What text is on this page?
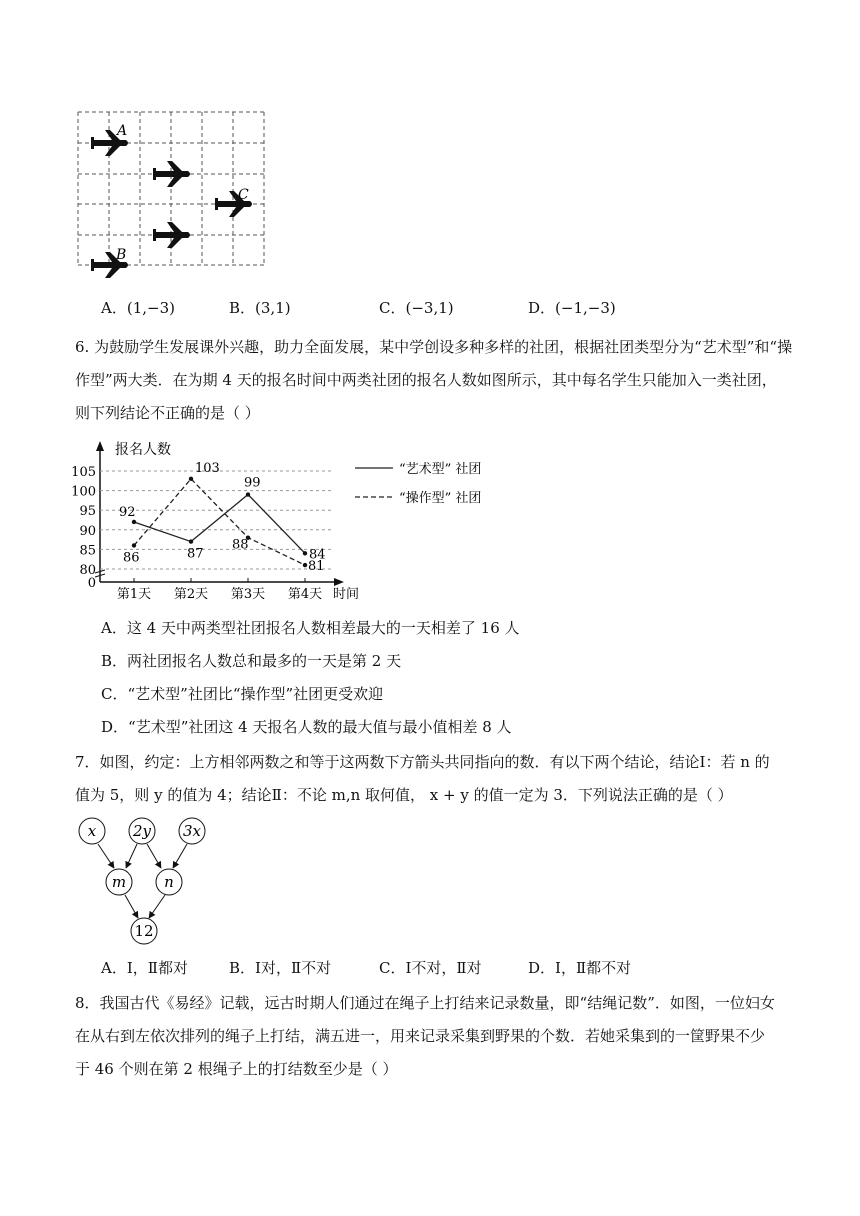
A
B
C
A．(1,−3)	B．(3,1)	C．(−3,1)	D．(−1,−3)
6. 为鼓励学生发展课外兴趣，助力全面发展，某中学创设多种多样的社团，根据社团类型分为“艺术型”和“操
作型”两大类．在为期 4 天的报名时间中两类社团的报名人数如图所示，其中每名学生只能加入一类社团，
则下列结论不正确的是（ ）
报名人数
时间
0
80
85
90
95
100
105
第1天 第2天 第3天 第4天
92
87
99
84
86
103
88
81
“艺术型” 社团
“操作型” 社团
A．这 4 天中两类型社团报名人数相差最大的一天相差了 16 人
B．两社团报名人数总和最多的一天是第 2 天
C．“艺术型”社团比“操作型”社团更受欢迎
D．“艺术型”社团这 4 天报名人数的最大值与最小值相差 8 人
7．如图，约定：上方相邻两数之和等于这两数下方箭头共同指向的数．有以下两个结论，结论Ⅰ：若 n 的
值为 5，则 y 的值为 4；结论Ⅱ：不论 m,n 取何值， x + y 的值一定为 3．下列说法正确的是（ ）
x 2y 3x
m	n
12
A．Ⅰ，Ⅱ都对	B．Ⅰ对，Ⅱ不对	C．Ⅰ不对，Ⅱ对	D．Ⅰ，Ⅱ都不对
8．我国古代《易经》记载，远古时期人们通过在绳子上打结来记录数量，即“结绳记数”．如图，一位妇女
在从右到左依次排列的绳子上打结，满五进一，用来记录采集到野果的个数．若她采集到的一筐野果不少
于 46 个则在第 2 根绳子上的打结数至少是（ ）
